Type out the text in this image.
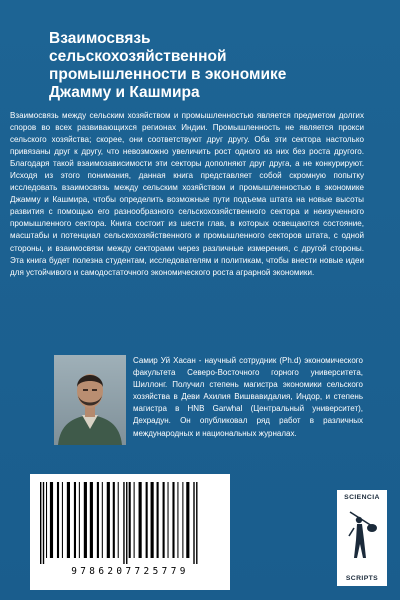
Взаимосвязь
сельскохозяйственной
промышленности в экономике
Джамму и Кашмира

Взаимосвязь между сельским хозяйством и промышленностью является предметом долгих споров во всех развивающихся регионах Индии. Промышленность не является прокси сельского хозяйства; скорее, они соответствуют друг другу. Оба эти сектора настолько привязаны друг к другу, что невозможно увеличить рост одного из них без роста другого. Благодаря такой взаимозависимости эти секторы дополняют друг друга, а не конкурируют. Исходя из этого понимания, данная книга представляет собой скромную попытку исследовать взаимосвязь между сельским хозяйством и промышленностью в экономике Джамму и Кашмира, чтобы определить возможные пути подъема штата на новые высоты развития с помощью его разнообразного сельскохозяйственного сектора и неизученного промышленного сектора. Книга состоит из шести глав, в которых освещаются состояние, масштабы и потенциал сельскохозяйственного и промышленного секторов штата, с одной стороны, и взаимосвязи между секторами через различные измерения, с другой стороны. Эта книга будет полезна студентам, исследователям и политикам, чтобы внести новые идеи для устойчивого и самодостаточного экономического роста аграрной экономики.

Самир Уй Хасан - научный сотрудник (Ph.d) экономического факультета Северо-Восточного горного университета, Шиллонг. Получил степень магистра экономики сельского хозяйства в Деви Ахилия Вишвавидалия, Индор, и степень магистра в HNB Garwhal (Центральный университет), Дехрадун. Он опубликовал ряд работ в различных международных и национальных журналах.

9786207725779
SCIENCIA
SCRIPTS
